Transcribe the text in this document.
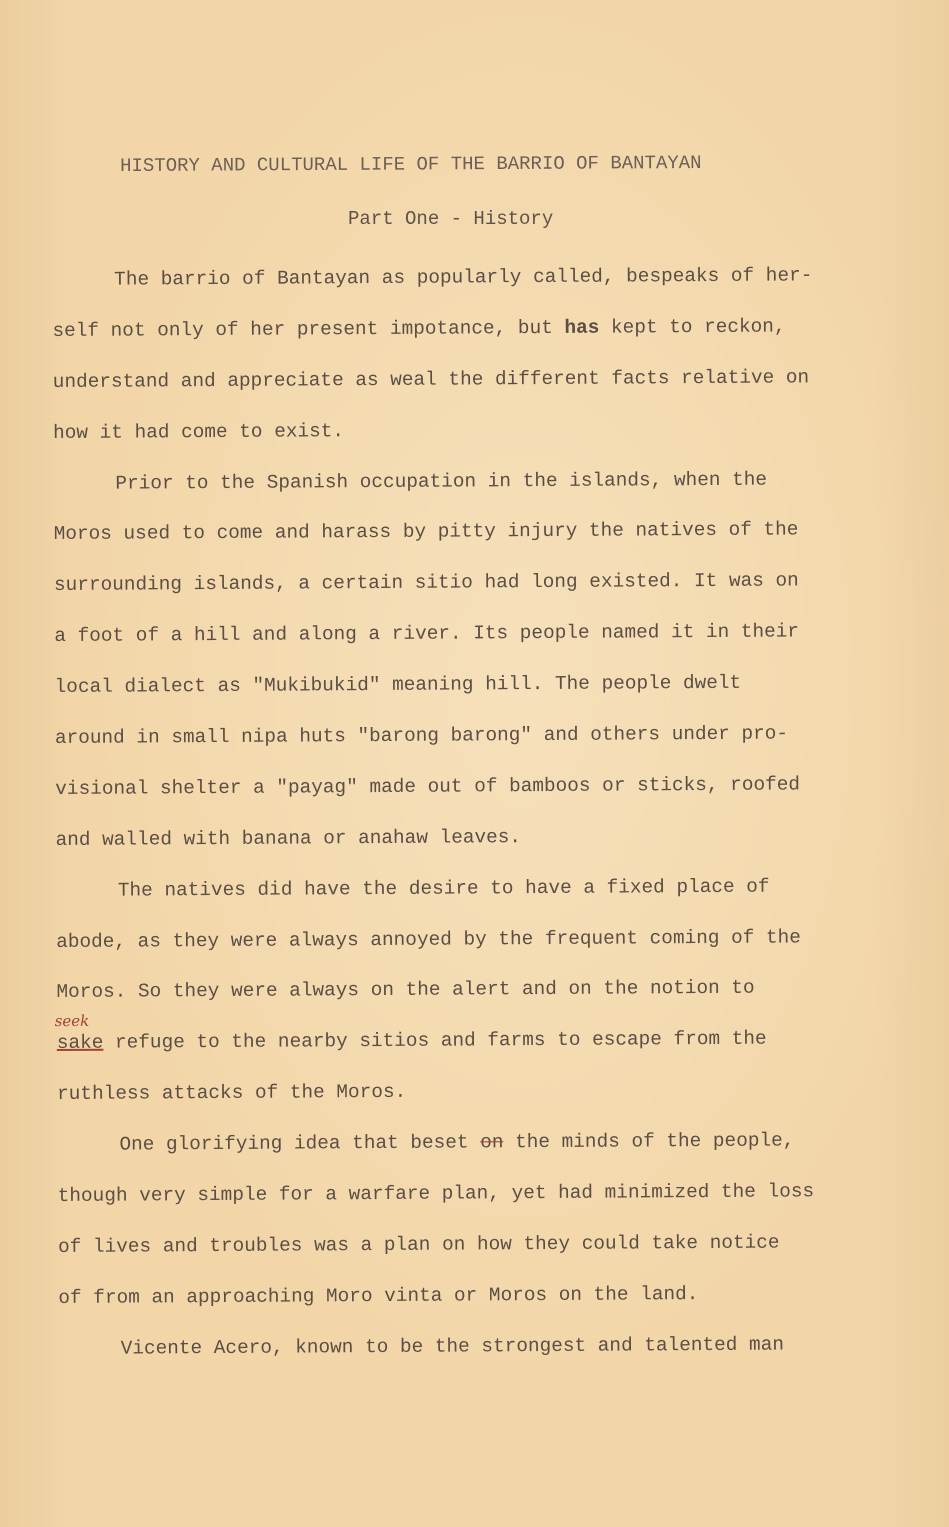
HISTORY AND CULTURAL LIFE OF THE BARRIO OF BANTAYAN
Part One - History
The barrio of Bantayan as popularly called, bespeaks of her-
self not only of her present impotance, but has kept to reckon,
understand and appreciate as weal the different facts relative on
how it had come to exist.
Prior to the Spanish occupation in the islands, when the
Moros used to come and harass by pitty injury the natives of the
surrounding islands, a certain sitio had long existed. It was on
a foot of a hill and along a river. Its people named it in their
local dialect as "Mukibukid" meaning hill. The people dwelt
around in small nipa huts "barong barong" and others under pro-
visional shelter a "payag" made out of bamboos or sticks, roofed
and walled with banana or anahaw leaves.
The natives did have the desire to have a fixed place of
abode, as they were always annoyed by the frequent coming of the
Moros. So they were always on the alert and on the notion to
seek
sake refuge to the nearby sitios and farms to escape from the
ruthless attacks of the Moros.
One glorifying idea that beset on the minds of the people,
though very simple for a warfare plan, yet had minimized the loss
of lives and troubles was a plan on how they could take notice
of from an approaching Moro vinta or Moros on the land.
Vicente Acero, known to be the strongest and talented man
